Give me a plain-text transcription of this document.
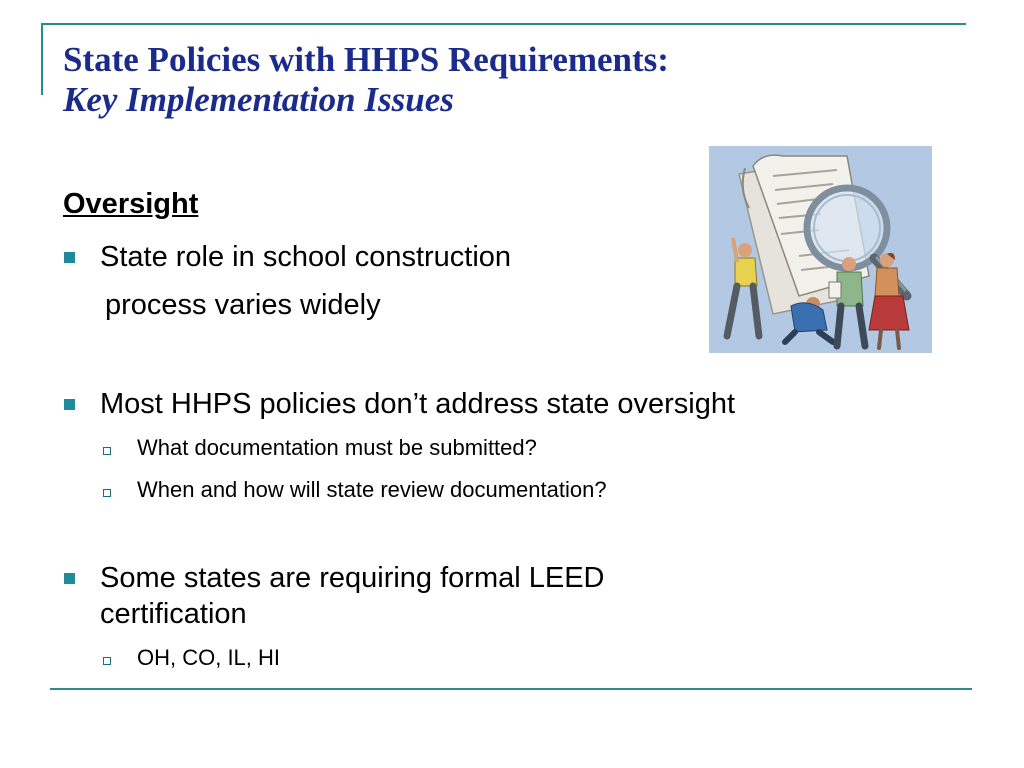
State Policies with HHPS Requirements:
Key Implementation Issues
Oversight
State role in school construction
process varies widely
Most HHPS policies don’t address state oversight
What documentation must be submitted?
When and how will state review documentation?
Some states are requiring formal LEED
certification
OH, CO, IL, HI
